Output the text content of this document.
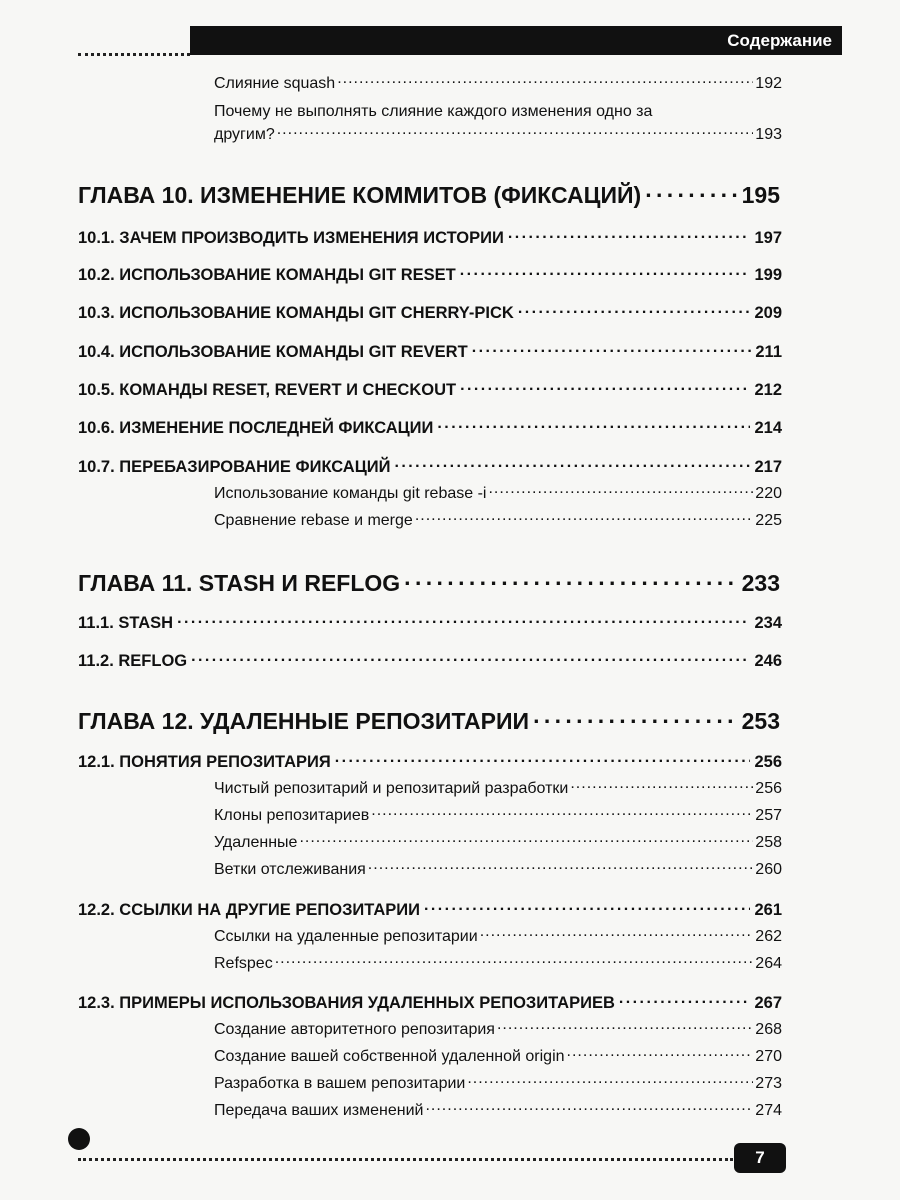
Содержание
Слияние squash .....	192
Почему не выполнять слияние каждого изменения одно за
другим? .....	193
ГЛАВА 10. ИЗМЕНЕНИЕ КОММИТОВ (ФИКСАЦИЙ) . . .	195
10.1. ЗАЧЕМ ПРОИЗВОДИТЬ ИЗМЕНЕНИЯ ИСТОРИИ . . .	197
10.2. ИСПОЛЬЗОВАНИЕ КОМАНДЫ GIT RESET . . .	199
10.3. ИСПОЛЬЗОВАНИЕ КОМАНДЫ GIT CHERRY-PICK . . .	209
10.4. ИСПОЛЬЗОВАНИЕ КОМАНДЫ GIT REVERT . . .	211
10.5. КОМАНДЫ RESET, REVERT И CHECKOUT . . .	212
10.6. ИЗМЕНЕНИЕ ПОСЛЕДНЕЙ ФИКСАЦИИ . . .	214
10.7. ПЕРЕБАЗИРОВАНИЕ ФИКСАЦИЙ . . .	217
Использование команды git rebase -i .....	220
Сравнение rebase и merge .....	225
ГЛАВА 11. STASH И REFLOG . . .	233
11.1. STASH . . .	234
11.2. REFLOG . . .	246
ГЛАВА 12. УДАЛЕННЫЕ РЕПОЗИТАРИИ . . .	253
12.1. ПОНЯТИЯ РЕПОЗИТАРИЯ . . .	256
Чистый репозитарий и репозитарий разработки .....	256
Клоны репозитариев .....	257
Удаленные .....	258
Ветки отслеживания .....	260
12.2. ССЫЛКИ НА ДРУГИЕ РЕПОЗИТАРИИ . . .	261
Ссылки на удаленные репозитарии .....	262
Refspec .....	264
12.3. ПРИМЕРЫ ИСПОЛЬЗОВАНИЯ УДАЛЕННЫХ РЕПОЗИТАРИЕВ . . .	267
Создание авторитетного репозитария .....	268
Создание вашей собственной удаленной origin .....	270
Разработка в вашем репозитарии .....	273
Передача ваших изменений .....	274
7
